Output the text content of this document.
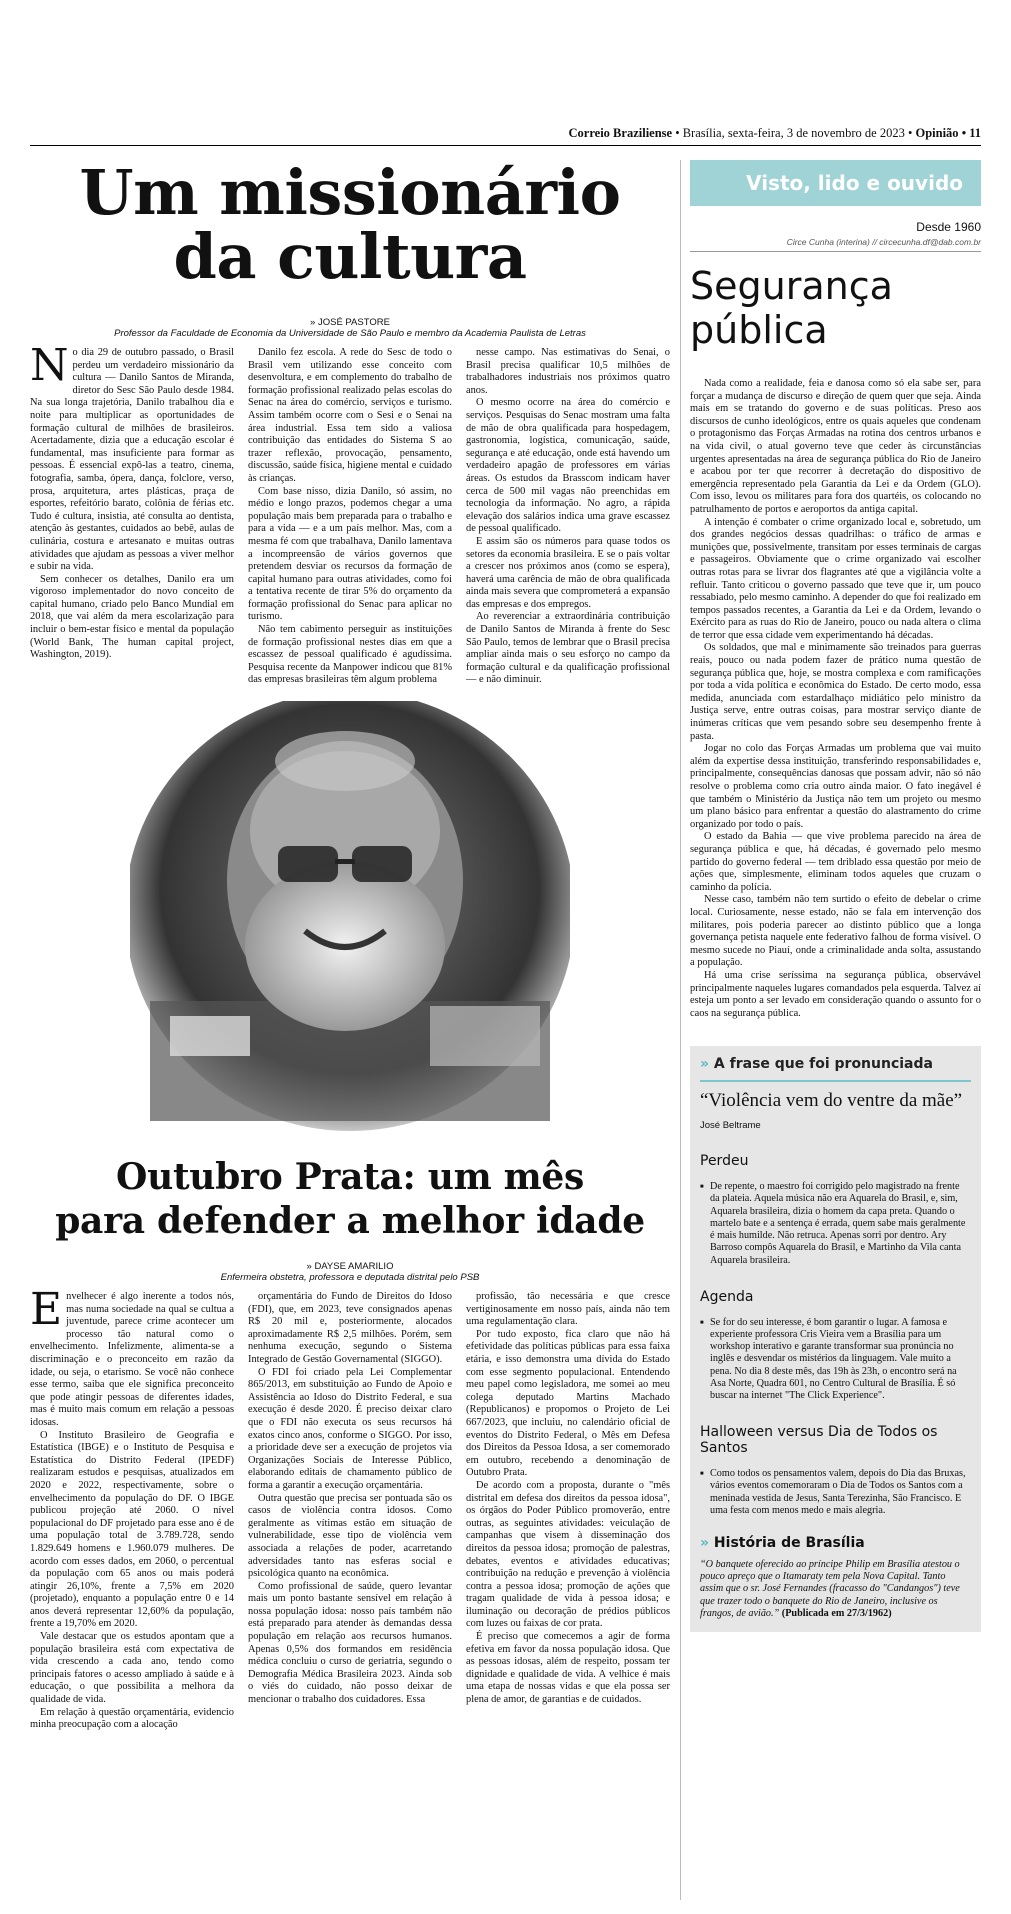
Correio Braziliense • Brasília, sexta-feira, 3 de novembro de 2023 • Opinião • 11
Um missionário
da cultura
» JOSÉ PASTORE
Professor da Faculdade de Economia da Universidade de São Paulo e membro da Academia Paulista de Letras

No dia 29 de outubro passado, o Brasil perdeu um verdadeiro missionário da cultura — Danilo Santos de Miranda, diretor do Sesc São Paulo desde 1984. Na sua longa trajetória, Danilo trabalhou dia e noite para multiplicar as oportunidades de formação cultural de milhões de brasileiros. Acertadamente, dizia que a educação escolar é fundamental, mas insuficiente para formar as pessoas. É essencial expô-las a teatro, cinema, fotografia, samba, ópera, dança, folclore, verso, prosa, arquitetura, artes plásticas, praça de esportes, refeitório barato, colônia de férias etc. Tudo é cultura, insistia, até consulta ao dentista, atenção às gestantes, cuidados ao bebê, aulas de culinária, costura e artesanato e muitas outras atividades que ajudam as pessoas a viver melhor e subir na vida.

Sem conhecer os detalhes, Danilo era um vigoroso implementador do novo conceito de capital humano, criado pelo Banco Mundial em 2018, que vai além da mera escolarização para incluir o bem-estar físico e mental da população (World Bank, The human capital project, Washington, 2019).

Danilo fez escola. A rede do Sesc de todo o Brasil vem utilizando esse conceito com desenvoltura, e em complemento do trabalho de formação profissional realizado pelas escolas do Senac na área do comércio, serviços e turismo. Assim também ocorre com o Sesi e o Senai na área industrial. Essa tem sido a valiosa contribuição das entidades do Sistema S ao trazer reflexão, provocação, pensamento, discussão, saúde física, higiene mental e cuidado às crianças.

Com base nisso, dizia Danilo, só assim, no médio e longo prazos, podemos chegar a uma população mais bem preparada para o trabalho e para a vida — e a um país melhor. Mas, com a mesma fé com que trabalhava, Danilo lamentava a incompreensão de vários governos que pretendem desviar os recursos da formação de capital humano para outras atividades, como foi a tentativa recente de tirar 5% do orçamento da formação profissional do Senac para aplicar no turismo.

Não tem cabimento perseguir as instituições de formação profissional nestes dias em que a escassez de pessoal qualificado é agudíssima. Pesquisa recente da Manpower indicou que 81% das empresas brasileiras têm algum problema

nesse campo. Nas estimativas do Senai, o Brasil precisa qualificar 10,5 milhões de trabalhadores industriais nos próximos quatro anos.

O mesmo ocorre na área do comércio e serviços. Pesquisas do Senac mostram uma falta de mão de obra qualificada para hospedagem, gastronomia, logística, comunicação, saúde, segurança e até educação, onde está havendo um verdadeiro apagão de professores em várias áreas. Os estudos da Brasscom indicam haver cerca de 500 mil vagas não preenchidas em tecnologia da informação. No agro, a rápida elevação dos salários indica uma grave escassez de pessoal qualificado.

E assim são os números para quase todos os setores da economia brasileira. E se o país voltar a crescer nos próximos anos (como se espera), haverá uma carência de mão de obra qualificada ainda mais severa que comprometerá a expansão das empresas e dos empregos.

Ao reverenciar a extraordinária contribuição de Danilo Santos de Miranda à frente do Sesc São Paulo, temos de lembrar que o Brasil precisa ampliar ainda mais o seu esforço no campo da formação cultural e da qualificação profissional — e não diminuir.

Outubro Prata: um mês
para defender a melhor idade
» DAYSE AMARILIO
Enfermeira obstetra, professora e deputada distrital pelo PSB

Envelhecer é algo inerente a todos nós, mas numa sociedade na qual se cultua a juventude, parece crime acontecer um processo tão natural como o envelhecimento. Infelizmente, alimenta-se a discriminação e o preconceito em razão da idade, ou seja, o etarismo. Se você não conhece esse termo, saiba que ele significa preconceito que pode atingir pessoas de diferentes idades, mas é muito mais comum em relação a pessoas idosas.

O Instituto Brasileiro de Geografia e Estatística (IBGE) e o Instituto de Pesquisa e Estatística do Distrito Federal (IPEDF) realizaram estudos e pesquisas, atualizados em 2020 e 2022, respectivamente, sobre o envelhecimento da população do DF. O IBGE publicou projeção até 2060. O nível populacional do DF projetado para esse ano é de uma população total de 3.789.728, sendo 1.829.649 homens e 1.960.079 mulheres. De acordo com esses dados, em 2060, o percentual da população com 65 anos ou mais poderá atingir 26,10%, frente a 7,5% em 2020 (projetado), enquanto a população entre 0 e 14 anos deverá representar 12,60% da população, frente a 19,70% em 2020.

Vale destacar que os estudos apontam que a população brasileira está com expectativa de vida crescendo a cada ano, tendo como principais fatores o acesso ampliado à saúde e à educação, o que possibilita a melhora da qualidade de vida.

Em relação à questão orçamentária, evidencio minha preocupação com a alocação

orçamentária do Fundo de Direitos do Idoso (FDI), que, em 2023, teve consignados apenas R$ 20 mil e, posteriormente, alocados aproximadamente R$ 2,5 milhões. Porém, sem nenhuma execução, segundo o Sistema Integrado de Gestão Governamental (SIGGO).

O FDI foi criado pela Lei Complementar 865/2013, em substituição ao Fundo de Apoio e Assistência ao Idoso do Distrito Federal, e sua execução é desde 2020. É preciso deixar claro que o FDI não executa os seus recursos há exatos cinco anos, conforme o SIGGO. Por isso, a prioridade deve ser a execução de projetos via Organizações Sociais de Interesse Público, elaborando editais de chamamento público de forma a garantir a execução orçamentária.

Outra questão que precisa ser pontuada são os casos de violência contra idosos. Como geralmente as vítimas estão em situação de vulnerabilidade, esse tipo de violência vem associada a relações de poder, acarretando adversidades tanto nas esferas social e psicológica quanto na econômica.

Como profissional de saúde, quero levantar mais um ponto bastante sensível em relação à nossa população idosa: nosso país também não está preparado para atender às demandas dessa população em relação aos recursos humanos. Apenas 0,5% dos formandos em residência médica concluiu o curso de geriatria, segundo o Demografia Médica Brasileira 2023. Ainda sob o viés do cuidado, não posso deixar de mencionar o trabalho dos cuidadores. Essa

profissão, tão necessária e que cresce vertiginosamente em nosso país, ainda não tem uma regulamentação clara.

Por tudo exposto, fica claro que não há efetividade das políticas públicas para essa faixa etária, e isso demonstra uma dívida do Estado com esse segmento populacional. Entendendo meu papel como legisladora, me somei ao meu colega deputado Martins Machado (Republicanos) e propomos o Projeto de Lei 667/2023, que incluiu, no calendário oficial de eventos do Distrito Federal, o Mês em Defesa dos Direitos da Pessoa Idosa, a ser comemorado em outubro, recebendo a denominação de Outubro Prata.

De acordo com a proposta, durante o "mês distrital em defesa dos direitos da pessoa idosa", os órgãos do Poder Público promoverão, entre outras, as seguintes atividades: veiculação de campanhas que visem à disseminação dos direitos da pessoa idosa; promoção de palestras, debates, eventos e atividades educativas; contribuição na redução e prevenção à violência contra a pessoa idosa; promoção de ações que tragam qualidade de vida à pessoa idosa; e iluminação ou decoração de prédios públicos com luzes ou faixas de cor prata.

É preciso que comecemos a agir de forma efetiva em favor da nossa população idosa. Que as pessoas idosas, além de respeito, possam ter dignidade e qualidade de vida. A velhice é mais uma etapa de nossas vidas e que ela possa ser plena de amor, de garantias e de cuidados.

Visto, lido e ouvido
Desde 1960
Circe Cunha (interina) // circecunha.df@dab.com.br
Segurança
pública

Nada como a realidade, feia e danosa como só ela sabe ser, para forçar a mudança de discurso e direção de quem quer que seja. Ainda mais em se tratando do governo e de suas políticas. Preso aos discursos de cunho ideológicos, entre os quais aqueles que condenam o protagonismo das Forças Armadas na rotina dos centros urbanos e na vida civil, o atual governo teve que ceder às circunstâncias urgentes apresentadas na área de segurança pública do Rio de Janeiro e acabou por ter que recorrer à decretação do dispositivo de emergência representado pela Garantia da Lei e da Ordem (GLO). Com isso, levou os militares para fora dos quartéis, os colocando no patrulhamento de portos e aeroportos da antiga capital.

A intenção é combater o crime organizado local e, sobretudo, um dos grandes negócios dessas quadrilhas: o tráfico de armas e munições que, possivelmente, transitam por esses terminais de cargas e passageiros. Obviamente que o crime organizado vai escolher outras rotas para se livrar dos flagrantes até que a vigilância volte a refluir. Tanto criticou o governo passado que teve que ir, um pouco ressabiado, pelo mesmo caminho. A depender do que foi realizado em tempos passados recentes, a Garantia da Lei e da Ordem, levando o Exército para as ruas do Rio de Janeiro, pouco ou nada altera o clima de terror que essa cidade vem experimentando há décadas.

Os soldados, que mal e minimamente são treinados para guerras reais, pouco ou nada podem fazer de prático numa questão de segurança pública que, hoje, se mostra complexa e com ramificações por toda a vida política e econômica do Estado. De certo modo, essa medida, anunciada com estardalhaço midiático pelo ministro da Justiça serve, entre outras coisas, para mostrar serviço diante de inúmeras críticas que vem pesando sobre seu desempenho frente à pasta.

Jogar no colo das Forças Armadas um problema que vai muito além da expertise dessa instituição, transferindo responsabilidades e, principalmente, consequências danosas que possam advir, não só não resolve o problema como cria outro ainda maior. O fato inegável é que também o Ministério da Justiça não tem um projeto ou mesmo um plano básico para enfrentar a questão do alastramento do crime organizado por todo o país.

O estado da Bahia — que vive problema parecido na área de segurança pública e que, há décadas, é governado pelo mesmo partido do governo federal — tem driblado essa questão por meio de ações que, simplesmente, eliminam todos aqueles que cruzam o caminho da polícia.

Nesse caso, também não tem surtido o efeito de debelar o crime local. Curiosamente, nesse estado, não se fala em intervenção dos militares, pois poderia parecer ao distinto público que a longa governança petista naquele ente federativo falhou de forma visível. O mesmo sucede no Piauí, onde a criminalidade anda solta, assustando a população.

Há uma crise seríssima na segurança pública, observável principalmente naqueles lugares comandados pela esquerda. Talvez aí esteja um ponto a ser levado em consideração quando o assunto for o caos na segurança pública.

» A frase que foi pronunciada
“Violência vem do ventre da mãe”
José Beltrame
Perdeu

■ De repente, o maestro foi corrigido pelo magistrado na frente da plateia. Aquela música não era Aquarela do Brasil, e, sim, Aquarela brasileira, dizia o homem da capa preta. Quando o martelo bate e a sentença é errada, quem sabe mais geralmente é mais humilde. Não retruca. Apenas sorri por dentro. Ary Barroso compôs Aquarela do Brasil, e Martinho da Vila canta Aquarela brasileira.

Agenda

■ Se for do seu interesse, é bom garantir o lugar. A famosa e experiente professora Cris Vieira vem a Brasília para um workshop interativo e garante transformar sua pronúncia no inglês e desvendar os mistérios da linguagem. Vale muito a pena. No dia 8 deste mês, das 19h às 23h, o encontro será na Asa Norte, Quadra 601, no Centro Cultural de Brasília. É só buscar na internet "The Click Experience".

Halloween versus Dia de Todos os Santos

■ Como todos os pensamentos valem, depois do Dia das Bruxas, vários eventos comemoraram o Dia de Todos os Santos com a meninada vestida de Jesus, Santa Terezinha, São Francisco. E uma festa com menos medo e mais alegria.

» História de Brasília
“O banquete oferecido ao príncipe Philip em Brasília atestou o pouco apreço que o Itamaraty tem pela Nova Capital. Tanto assim que o sr. José Fernandes (fracasso do "Candangos") teve que trazer todo o banquete do Rio de Janeiro, inclusive os frangos, de avião.” (Publicada em 27/3/1962)
